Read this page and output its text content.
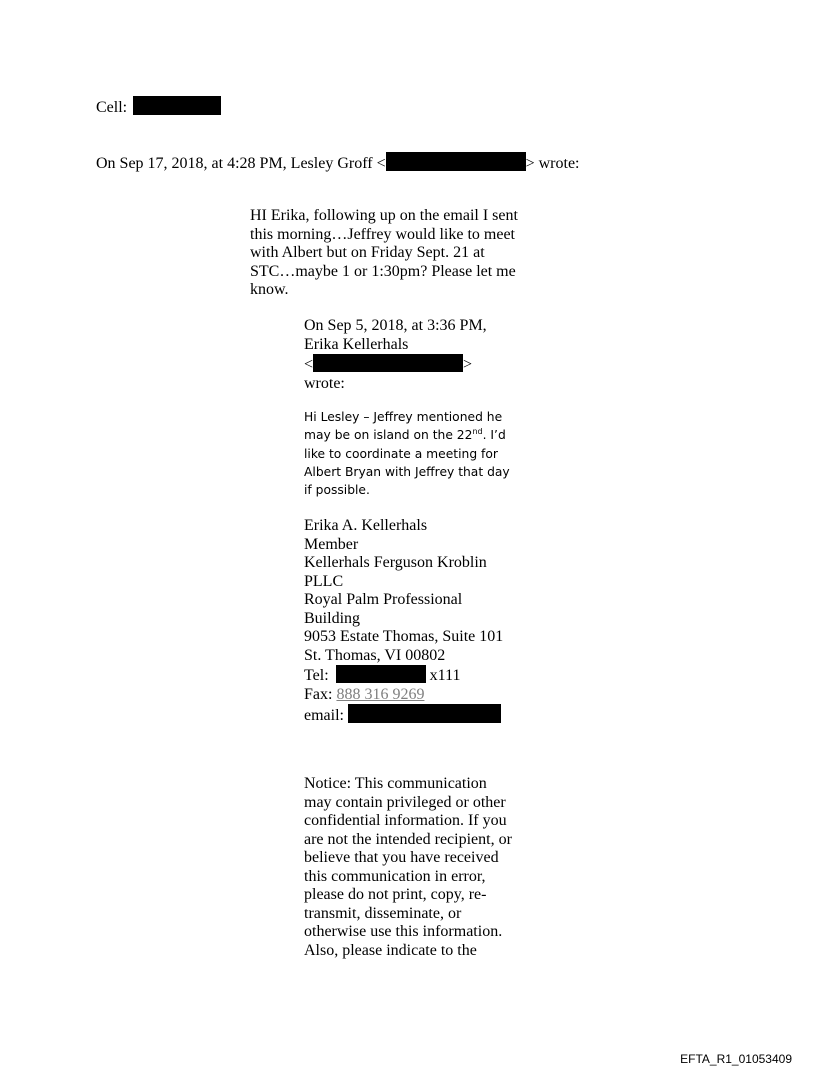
Cell:
On Sep 17, 2018, at 4:28 PM, Lesley Groff <	> wrote:
HI Erika, following up on the email I sent
this morning…Jeffrey would like to meet
with Albert but on Friday Sept. 21 at
STC…maybe 1 or 1:30pm? Please let me
know.
On Sep 5, 2018, at 3:36 PM,
Erika Kellerhals
<	>
wrote:
Hi Lesley – Jeffrey mentioned he
may be on island on the 22nd. I’d
like to coordinate a meeting for
Albert Bryan with Jeffrey that day
if possible.
Erika A. Kellerhals
Member
Kellerhals Ferguson Kroblin
PLLC
Royal Palm Professional
Building
9053 Estate Thomas, Suite 101
St. Thomas, VI 00802
Tel:	x111
Fax: 888 316 9269
email:
Notice: This communication
may contain privileged or other
confidential information. If you
are not the intended recipient, or
believe that you have received
this communication in error,
please do not print, copy, re-
transmit, disseminate, or
otherwise use this information.
Also, please indicate to the
EFTA_R1_01053409
